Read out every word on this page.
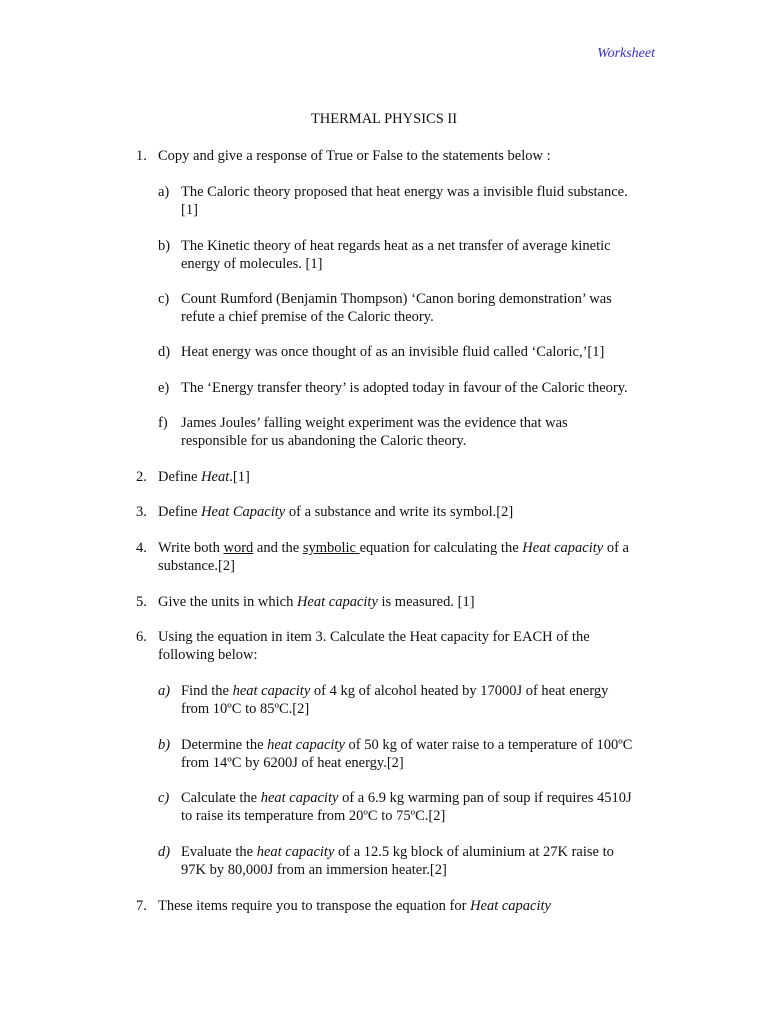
Worksheet
THERMAL PHYSICS II
1. Copy and give a response of True or False to the statements below :
a) The Caloric theory proposed that heat energy was a invisible fluid substance.
[1]
b) The Kinetic theory of heat regards heat as a net transfer of average kinetic
energy of molecules. [1]
c) Count Rumford (Benjamin Thompson) ‘Canon boring demonstration’ was
refute a chief premise of the Caloric theory.
d) Heat energy was once thought of as an invisible fluid called ‘Caloric,’[1]
e) The ‘Energy transfer theory’ is adopted today in favour of the Caloric theory.
f) James Joules’ falling weight experiment was the evidence that was
responsible for us abandoning the Caloric theory.
2. Define Heat.[1]
3. Define Heat Capacity of a substance and write its symbol.[2]
4. Write both word and the symbolic equation for calculating the Heat capacity of a
substance.[2]
5. Give the units in which Heat capacity is measured. [1]
6. Using the equation in item 3. Calculate the Heat capacity for EACH of the
following below:
a) Find the heat capacity of 4 kg of alcohol heated by 17000J of heat energy
from 10ºC to 85ºC.[2]
b) Determine the heat capacity of 50 kg of water raise to a temperature of 100ºC
from 14ºC by 6200J of heat energy.[2]
c) Calculate the heat capacity of a 6.9 kg warming pan of soup if requires 4510J
to raise its temperature from 20ºC to 75ºC.[2]
d) Evaluate the heat capacity of a 12.5 kg block of aluminium at 27K raise to
97K by 80,000J from an immersion heater.[2]
7. These items require you to transpose the equation for Heat capacity
